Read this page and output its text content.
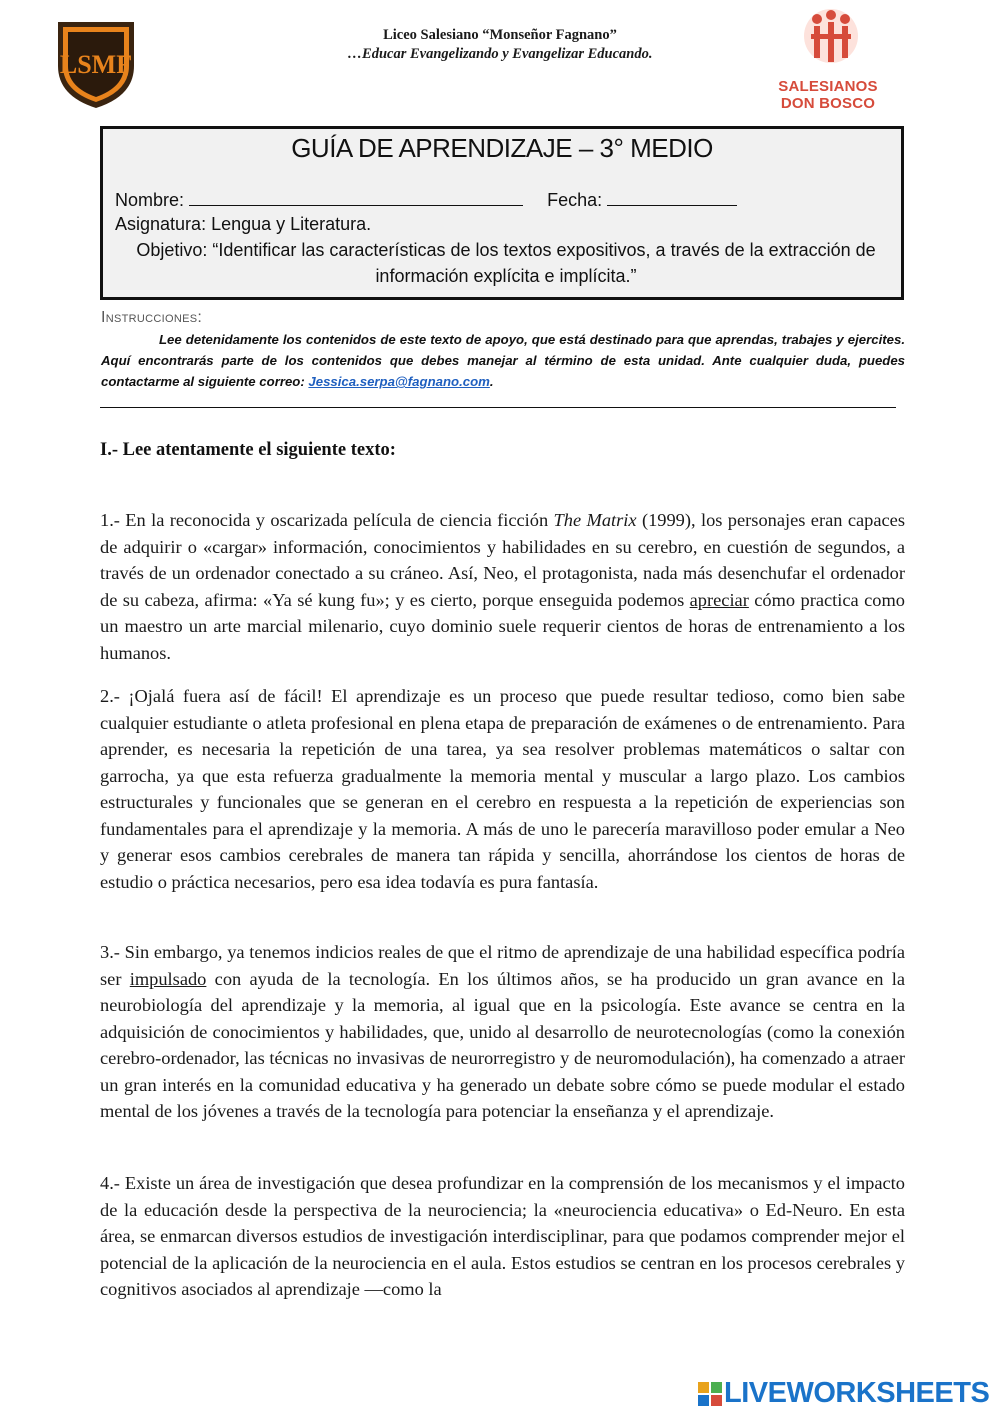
LSMF
Liceo Salesiano “Monseñor Fagnano”
…Educar Evangelizando y Evangelizar Educando.
SALESIANOS
DON BOSCO
GUÍA DE APRENDIZAJE – 3° MEDIO
Nombre:	Fecha:
Asignatura: Lengua y Literatura.
Objetivo: “Identificar las características de los textos expositivos, a través de la extracción de información explícita e implícita.”
Instrucciones:
Lee detenidamente los contenidos de este texto de apoyo, que está destinado para que aprendas, trabajes y ejercites. Aquí encontrarás parte de los contenidos que debes manejar al término de esta unidad. Ante cualquier duda, puedes contactarme al siguiente correo: Jessica.serpa@fagnano.com.
I.- Lee atentamente el siguiente texto:
1.- En la reconocida y oscarizada película de ciencia ficción The Matrix (1999), los personajes eran capaces de adquirir o «cargar» información, conocimientos y habilidades en su cerebro, en cuestión de segundos, a través de un ordenador conectado a su cráneo. Así, Neo, el protagonista, nada más desenchufar el ordenador de su cabeza, afirma: «Ya sé kung fu»; y es cierto, porque enseguida podemos apreciar cómo practica como un maestro un arte marcial milenario, cuyo dominio suele requerir cientos de horas de entrenamiento a los humanos.
2.- ¡Ojalá fuera así de fácil! El aprendizaje es un proceso que puede resultar tedioso, como bien sabe cualquier estudiante o atleta profesional en plena etapa de preparación de exámenes o de entrenamiento. Para aprender, es necesaria la repetición de una tarea, ya sea resolver problemas matemáticos o saltar con garrocha, ya que esta refuerza gradualmente la memoria mental y muscular a largo plazo. Los cambios estructurales y funcionales que se generan en el cerebro en respuesta a la repetición de experiencias son fundamentales para el aprendizaje y la memoria. A más de uno le parecería maravilloso poder emular a Neo y generar esos cambios cerebrales de manera tan rápida y sencilla, ahorrándose los cientos de horas de estudio o práctica necesarios, pero esa idea todavía es pura fantasía.
3.- Sin embargo, ya tenemos indicios reales de que el ritmo de aprendizaje de una habilidad específica podría ser impulsado con ayuda de la tecnología. En los últimos años, se ha producido un gran avance en la neurobiología del aprendizaje y la memoria, al igual que en la psicología. Este avance se centra en la adquisición de conocimientos y habilidades, que, unido al desarrollo de neurotecnologías (como la conexión cerebro-ordenador, las técnicas no invasivas de neurorregistro y de neuromodulación), ha comenzado a atraer un gran interés en la comunidad educativa y ha generado un debate sobre cómo se puede modular el estado mental de los jóvenes a través de la tecnología para potenciar la enseñanza y el aprendizaje.
4.- Existe un área de investigación que desea profundizar en la comprensión de los mecanismos y el impacto de la educación desde la perspectiva de la neurociencia; la «neurociencia educativa» o Ed-Neuro. En esta área, se enmarcan diversos estudios de investigación interdisciplinar, para que podamos comprender mejor el potencial de la aplicación de la neurociencia en el aula. Estos estudios se centran en los procesos cerebrales y cognitivos asociados al aprendizaje —como la
LIVEWORKSHEETS
